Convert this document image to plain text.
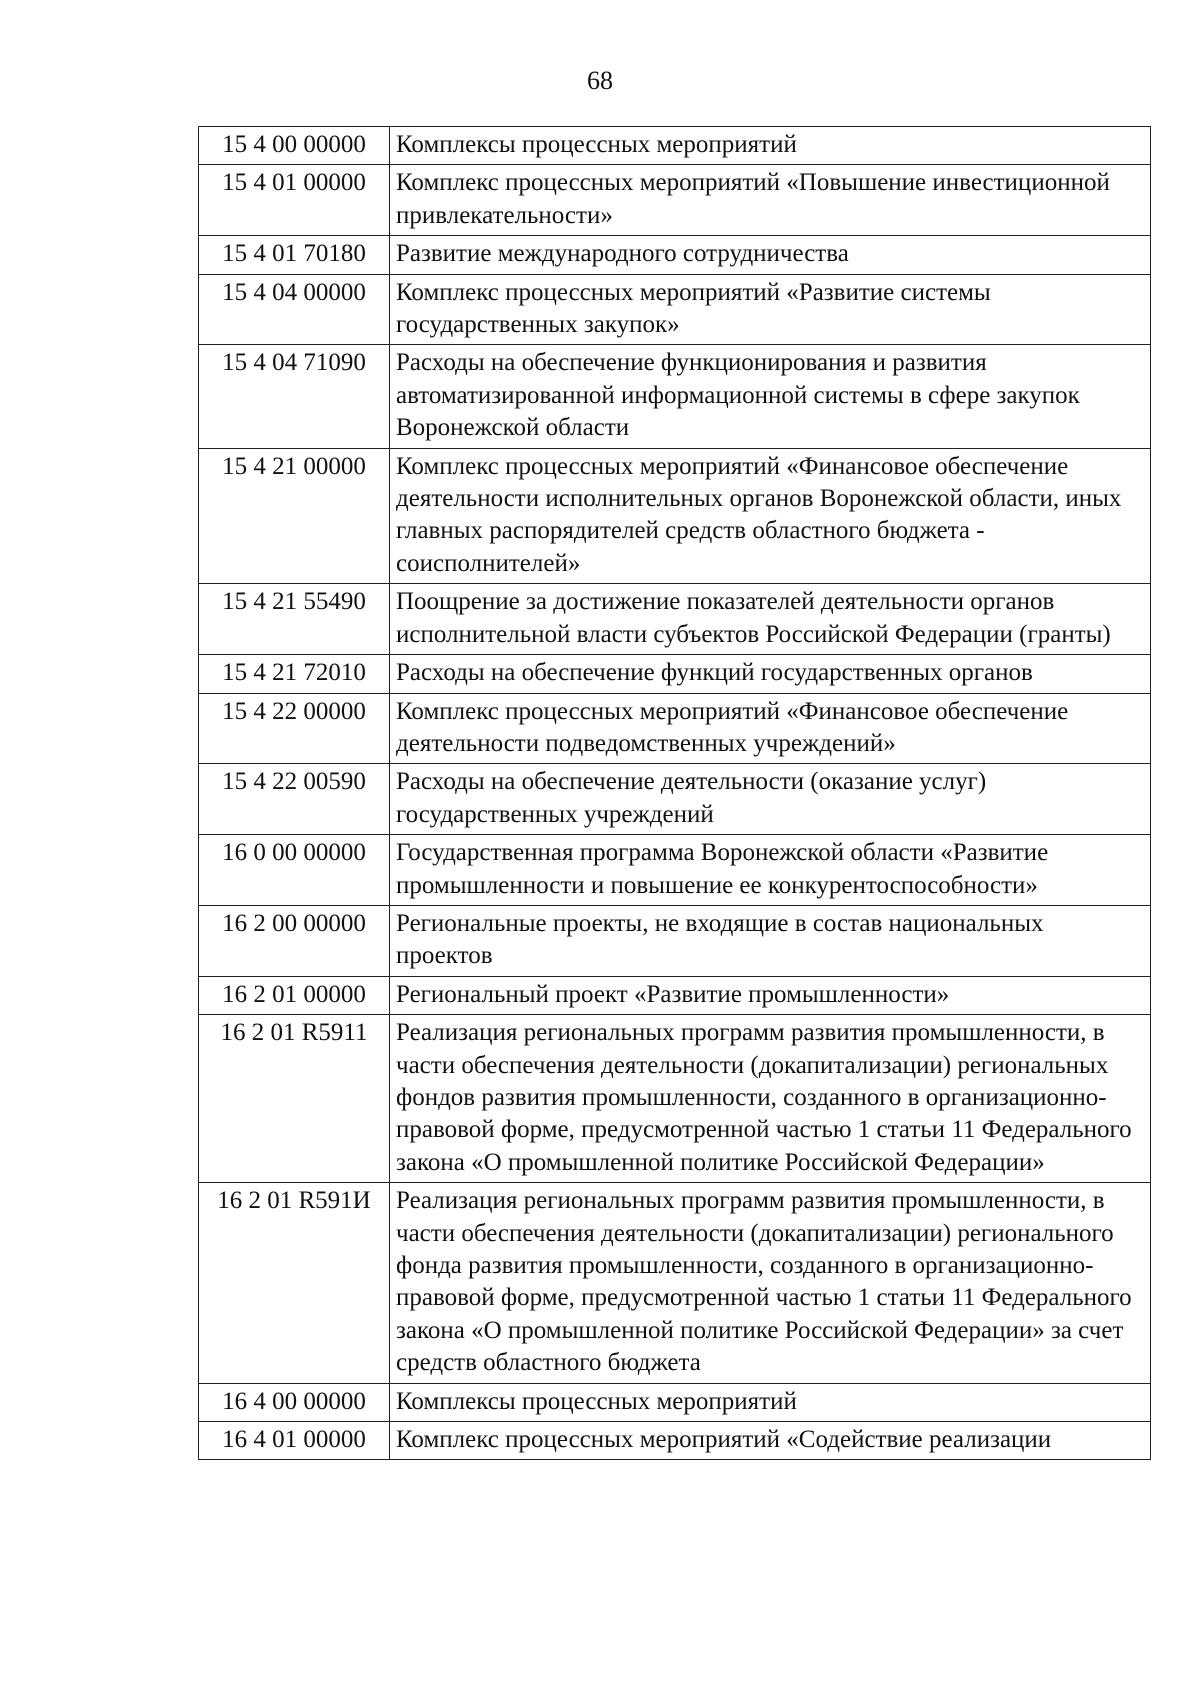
68
15 4 00 00000	Комплексы процессных мероприятий
15 4 01 00000	Комплекс процессных мероприятий «Повышение инвестиционной привлекательности»
15 4 01 70180	Развитие международного сотрудничества
15 4 04 00000	Комплекс процессных мероприятий «Развитие системы государственных закупок»
15 4 04 71090	Расходы на обеспечение функционирования и развития автоматизированной информационной системы в сфере закупок Воронежской области
15 4 21 00000	Комплекс процессных мероприятий «Финансовое обеспечение деятельности исполнительных органов Воронежской области, иных главных распорядителей средств областного бюджета - соисполнителей»
15 4 21 55490	Поощрение за достижение показателей деятельности органов исполнительной власти субъектов Российской Федерации (гранты)
15 4 21 72010	Расходы на обеспечение функций государственных органов
15 4 22 00000	Комплекс процессных мероприятий «Финансовое обеспечение деятельности подведомственных учреждений»
15 4 22 00590	Расходы на обеспечение деятельности (оказание услуг) государственных учреждений
16 0 00 00000	Государственная программа Воронежской области «Развитие промышленности и повышение ее конкурентоспособности»
16 2 00 00000	Региональные проекты, не входящие в состав национальных проектов
16 2 01 00000	Региональный проект «Развитие промышленности»
16 2 01 R5911	Реализация региональных программ развития промышленности, в части обеспечения деятельности (докапитализации) региональных фондов развития промышленности, созданного в организационно-правовой форме, предусмотренной частью 1 статьи 11 Федерального закона «О промышленной политике Российской Федерации»
16 2 01 R591И	Реализация региональных программ развития промышленности, в части обеспечения деятельности (докапитализации) регионального фонда развития промышленности, созданного в организационно-правовой форме, предусмотренной частью 1 статьи 11 Федерального закона «О промышленной политике Российской Федерации» за счет средств областного бюджета
16 4 00 00000	Комплексы процессных мероприятий
16 4 01 00000	Комплекс процессных мероприятий «Содействие реализации
